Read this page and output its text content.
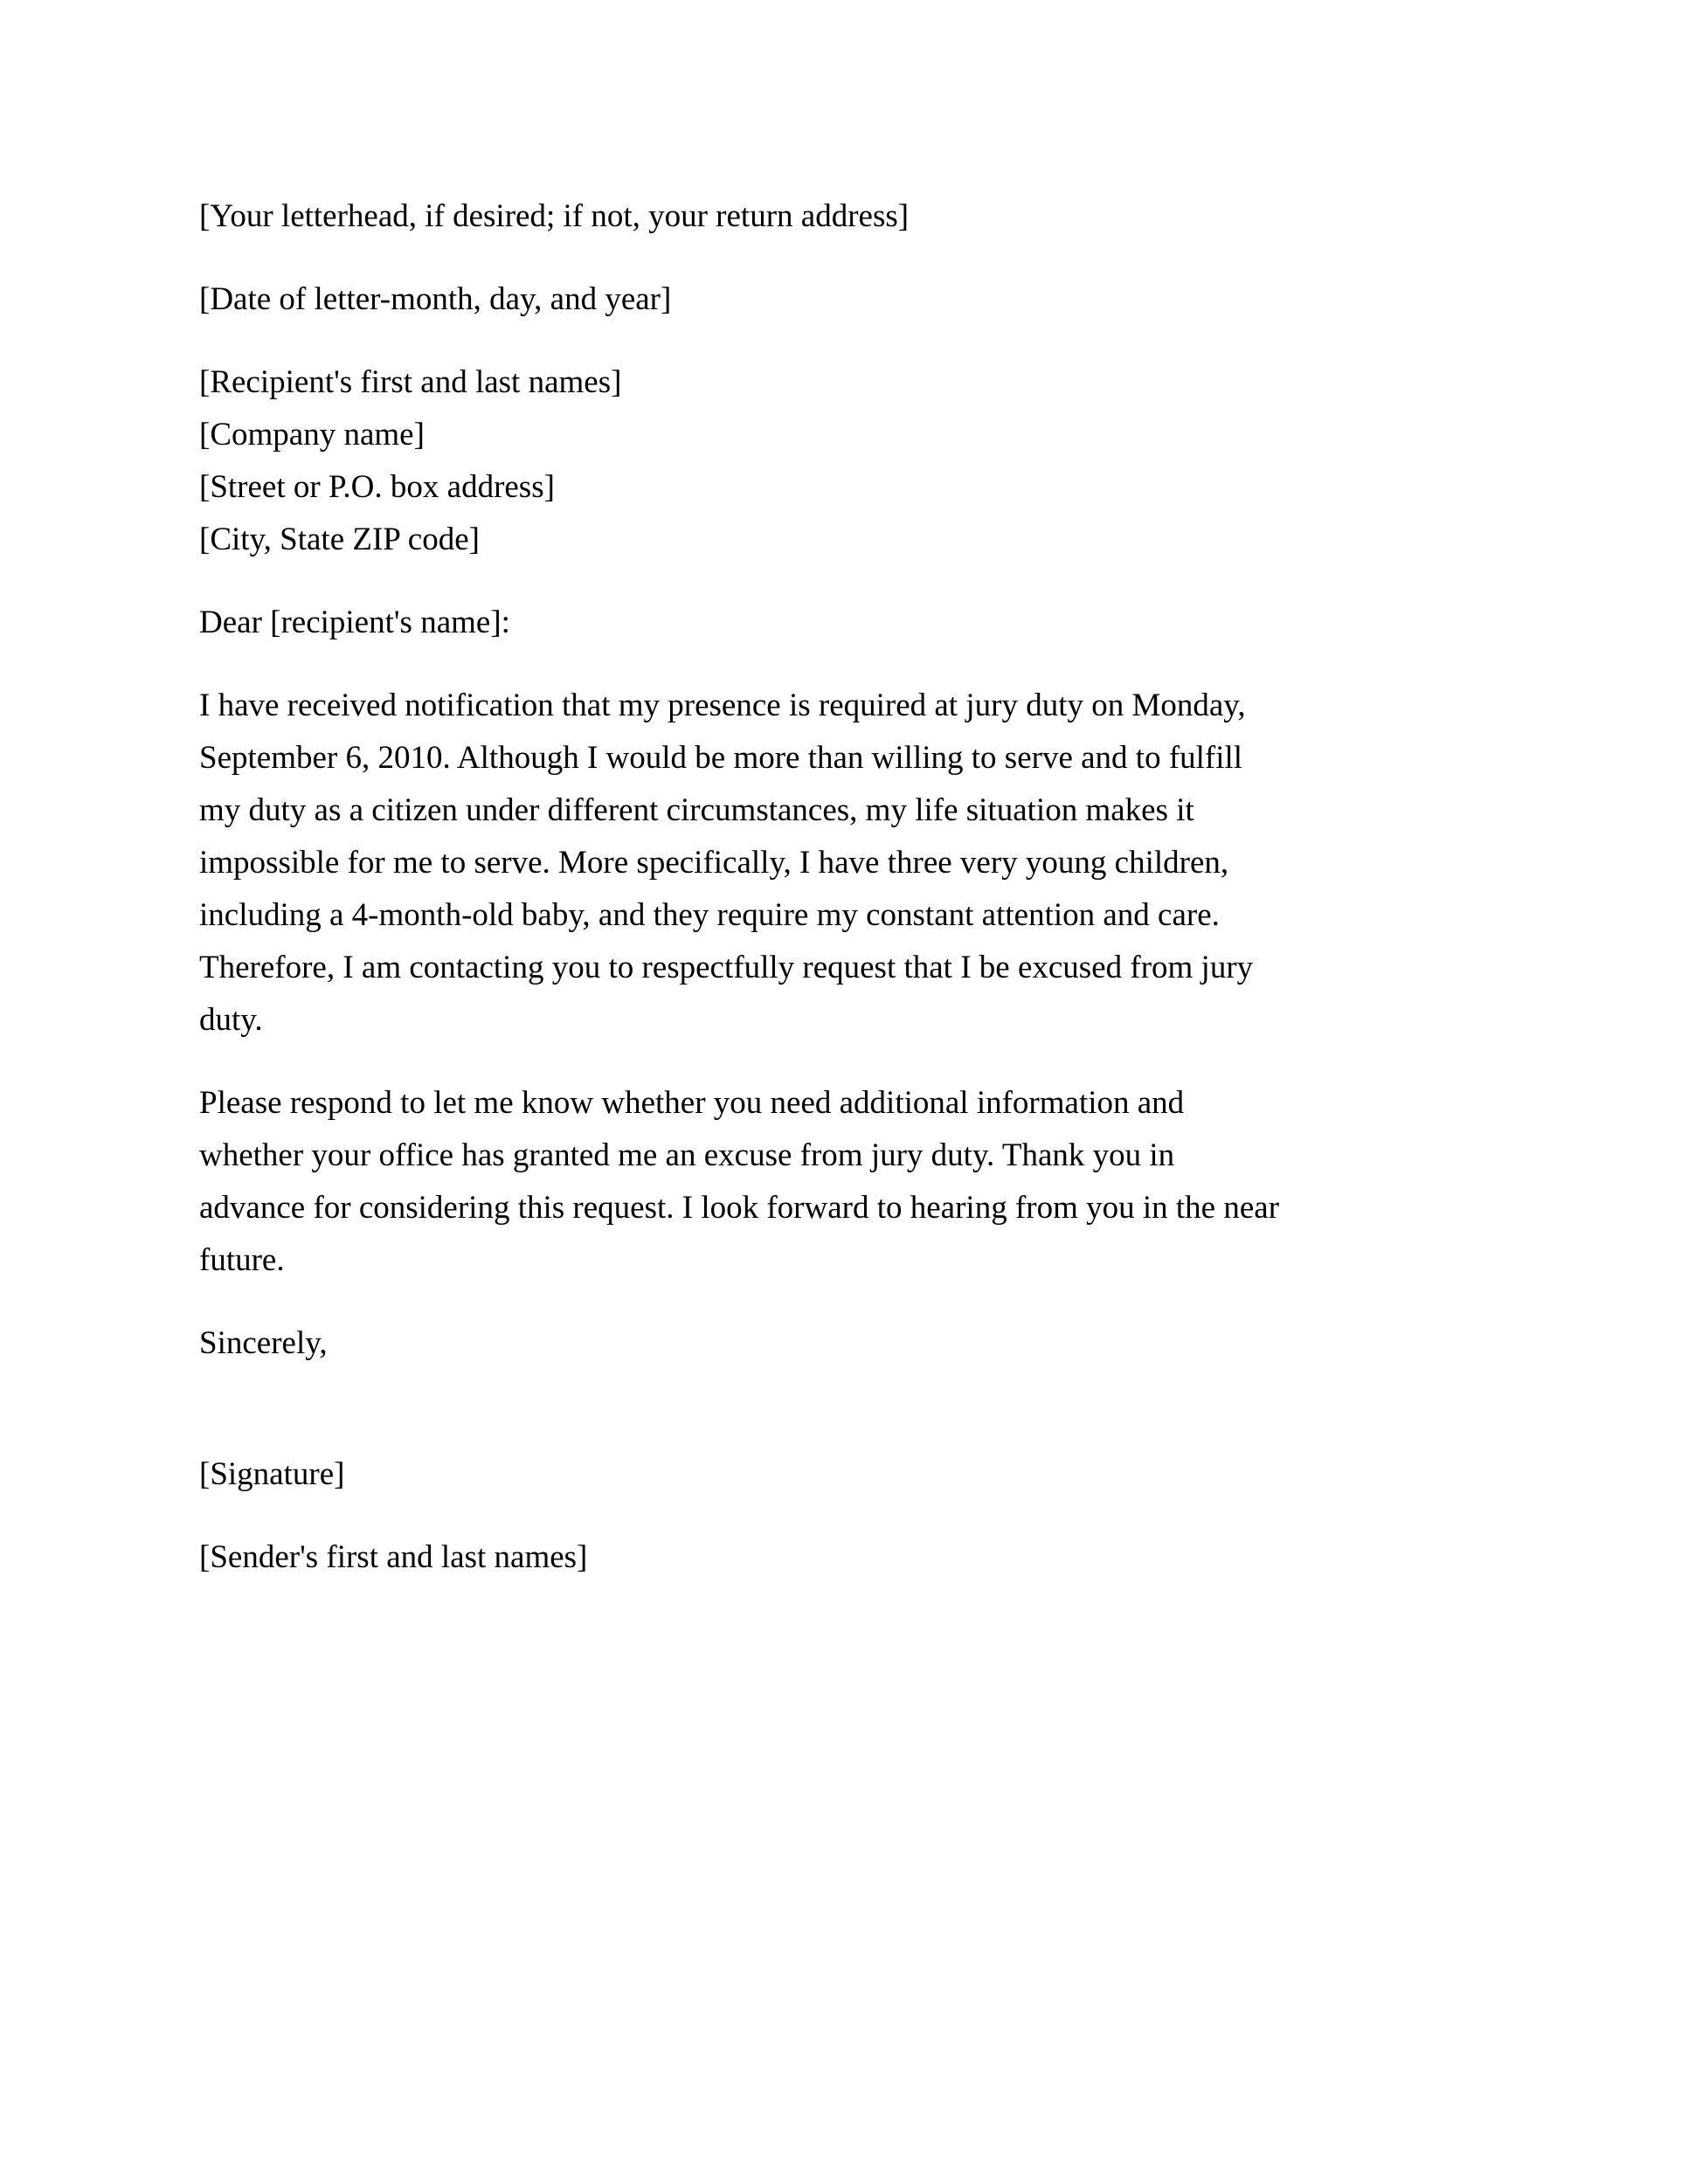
[Your letterhead, if desired; if not, your return address]
[Date of letter-month, day, and year]
[Recipient's first and last names]
[Company name]
[Street or P.O. box address]
[City, State ZIP code]
Dear [recipient's name]:
I have received notification that my presence is required at jury duty on Monday,
September 6, 2010. Although I would be more than willing to serve and to fulfill
my duty as a citizen under different circumstances, my life situation makes it
impossible for me to serve. More specifically, I have three very young children,
including a 4-month-old baby, and they require my constant attention and care.
Therefore, I am contacting you to respectfully request that I be excused from jury
duty.
Please respond to let me know whether you need additional information and
whether your office has granted me an excuse from jury duty. Thank you in
advance for considering this request. I look forward to hearing from you in the near
future.
Sincerely,
[Signature]
[Sender's first and last names]
